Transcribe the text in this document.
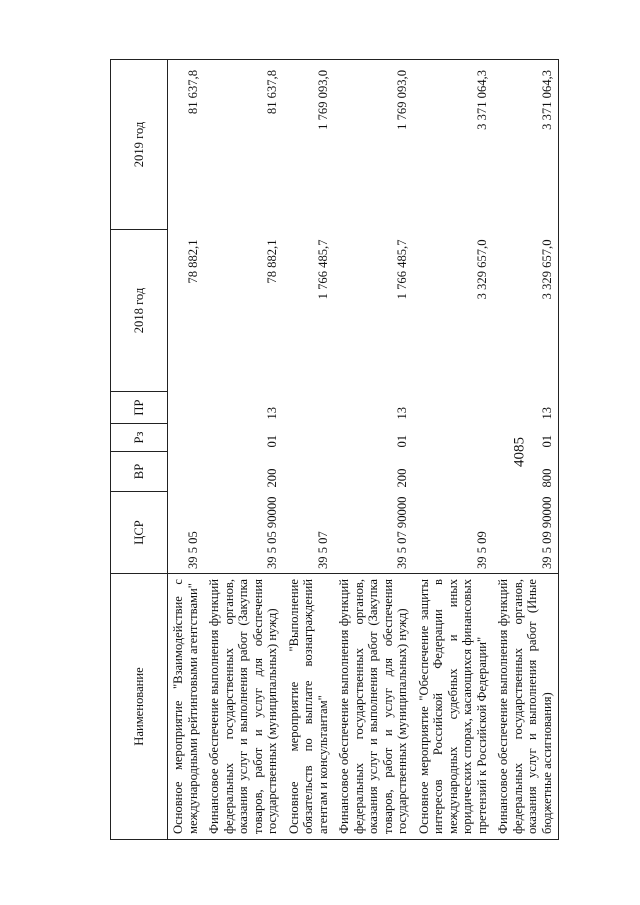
4085
Наименование	ЦСР	ВР	Рз	ПР	2018 год	2019 год
Основное мероприятие "Взаимодействие с международными рейтинговыми агентствами"	39 5 05				78 882,1	81 637,8
Финансовое обеспечение выполнения функций федеральных государственных органов, оказания услуг и выполнения работ (Закупка товаров, работ и услуг для обеспечения государственных (муниципальных) нужд)	39 5 05 90000	200	01	13	78 882,1	81 637,8
Основное мероприятие "Выполнение обязательств по выплате вознаграждений агентам и консультантам"	39 5 07				1 766 485,7	1 769 093,0
Финансовое обеспечение выполнения функций федеральных государственных органов, оказания услуг и выполнения работ (Закупка товаров, работ и услуг для обеспечения государственных (муниципальных) нужд)	39 5 07 90000	200	01	13	1 766 485,7	1 769 093,0
Основное мероприятие "Обеспечение защиты интересов Российской Федерации в международных судебных и иных юридических спорах, касающихся финансовых претензий к Российской Федерации"	39 5 09				3 329 657,0	3 371 064,3
Финансовое обеспечение выполнения функций федеральных государственных органов, оказания услуг и выполнения работ (Иные бюджетные ассигнования)	39 5 09 90000	800	01	13	3 329 657,0	3 371 064,3
